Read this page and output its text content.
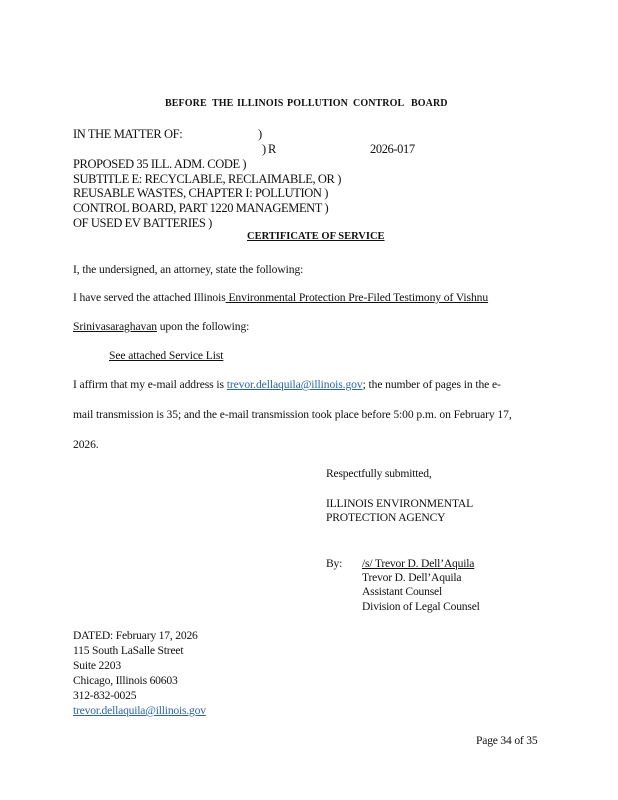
BEFORE THE ILLINOIS POLLUTION CONTROL BOARD
IN THE MATTER OF:	)
) R	2026-017
PROPOSED 35 ILL. ADM. CODE )
SUBTITLE E: RECYCLABLE, RECLAIMABLE, OR )
REUSABLE WASTES, CHAPTER I: POLLUTION )
CONTROL BOARD, PART 1220 MANAGEMENT )
OF USED EV BATTERIES )
CERTIFICATE OF SERVICE
I, the undersigned, an attorney, state the following:
I have served the attached Illinois Environmental Protection Pre-Filed Testimony of Vishnu
Srinivasaraghavan upon the following:
See attached Service List
I affirm that my e-mail address is trevor.dellaquila@illinois.gov; the number of pages in the e-
mail transmission is 35; and the e-mail transmission took place before 5:00 p.m. on February 17,
2026.
Respectfully submitted,
ILLINOIS ENVIRONMENTAL
PROTECTION AGENCY
By: /s/ Trevor D. Dell’Aquila
Trevor D. Dell’Aquila
Assistant Counsel
Division of Legal Counsel
DATED: February 17, 2026
115 South LaSalle Street
Suite 2203
Chicago, Illinois 60603
312-832-0025
trevor.dellaquila@illinois.gov
Page 34 of 35
